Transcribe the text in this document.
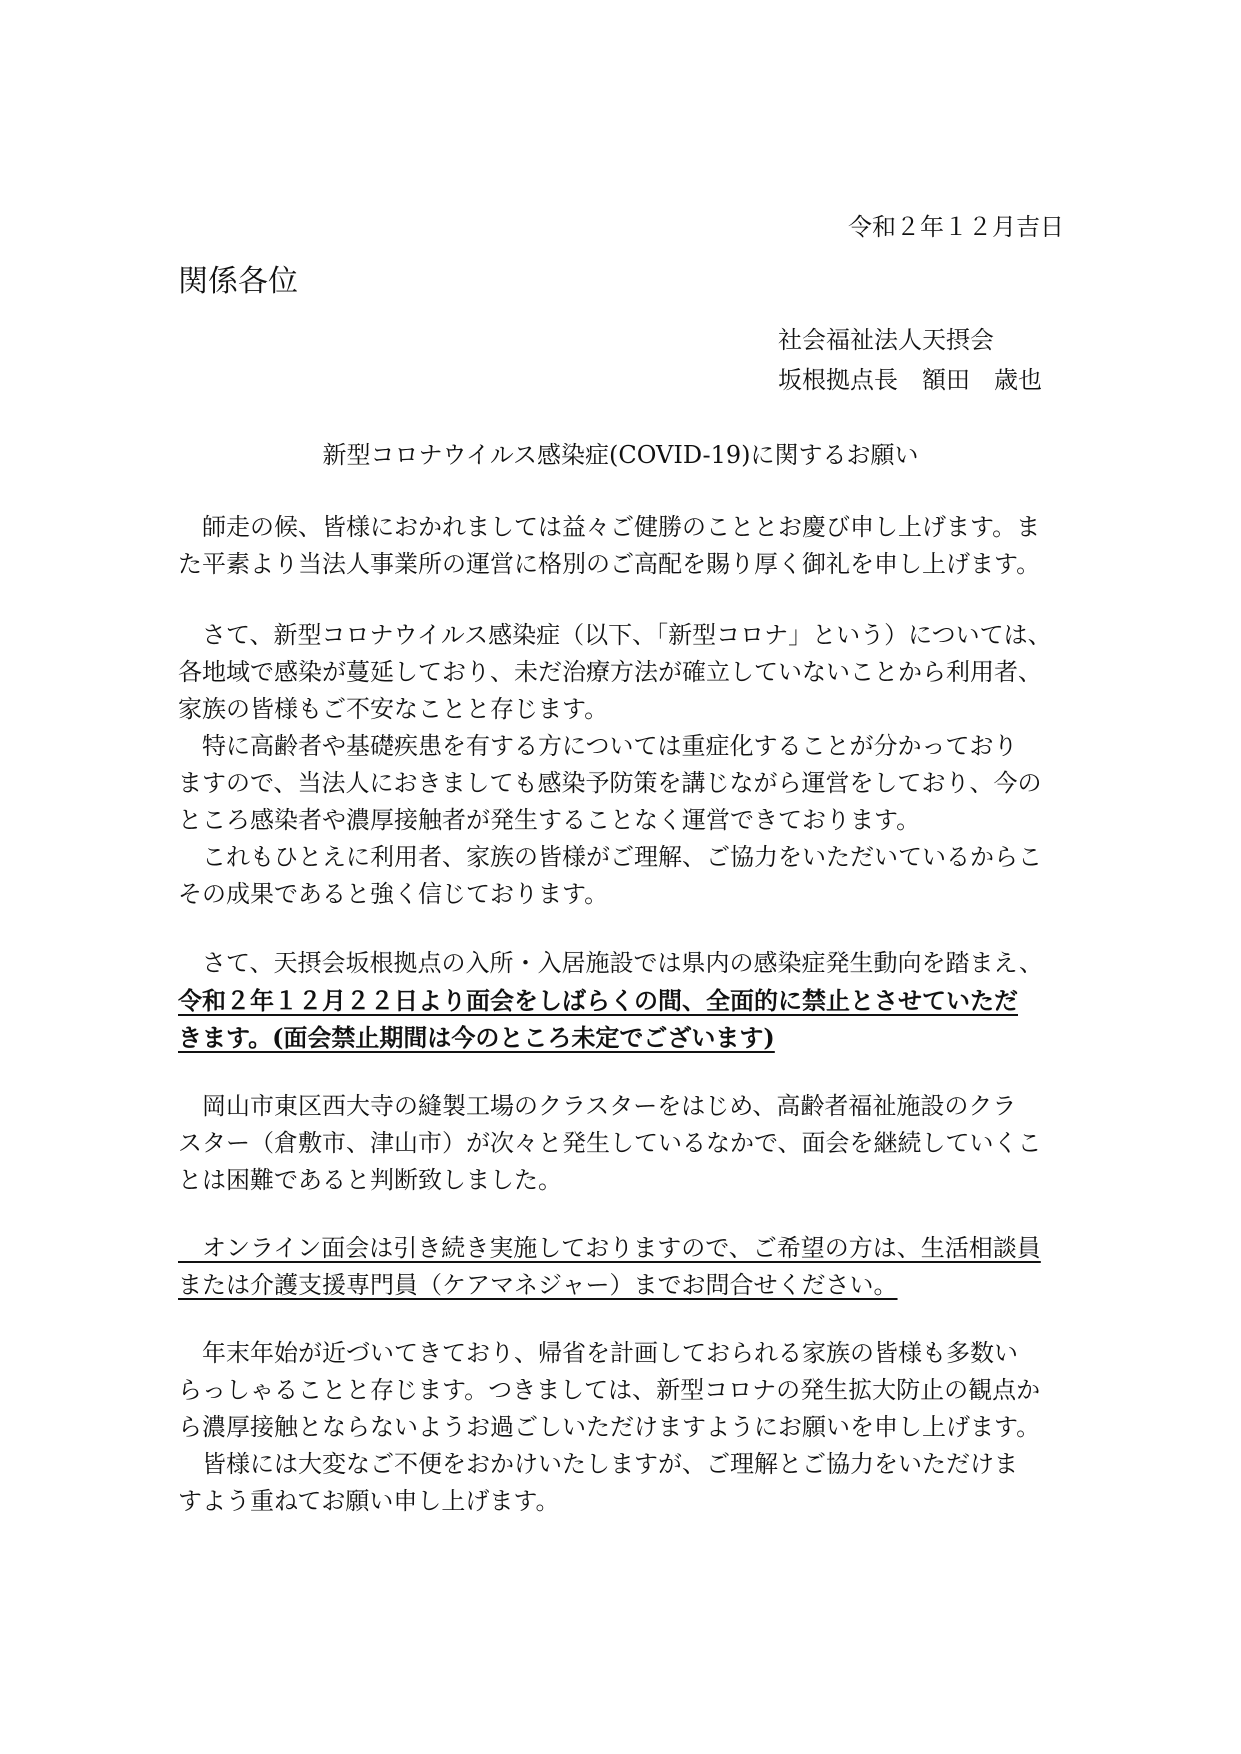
令和２年１２月吉日
関係各位
社会福祉法人天摂会
坂根拠点長　額田　歳也
新型コロナウイルス感染症(COVID-19)に関するお願い
　師走の候、皆様におかれましては益々ご健勝のこととお慶び申し上げます。ま
た平素より当法人事業所の運営に格別のご高配を賜り厚く御礼を申し上げます。
　さて、新型コロナウイルス感染症（以下、「新型コロナ」という）については、
各地域で感染が蔓延しており、未だ治療方法が確立していないことから利用者、
家族の皆様もご不安なことと存じます。
　特に高齢者や基礎疾患を有する方については重症化することが分かっており
ますので、当法人におきましても感染予防策を講じながら運営をしており、今の
ところ感染者や濃厚接触者が発生することなく運営できております。
　これもひとえに利用者、家族の皆様がご理解、ご協力をいただいているからこ
その成果であると強く信じております。
　さて、天摂会坂根拠点の入所・入居施設では県内の感染症発生動向を踏まえ、
令和２年１２月２２日より面会をしばらくの間、全面的に禁止とさせていただ
きます。(面会禁止期間は今のところ未定でございます)
　岡山市東区西大寺の縫製工場のクラスターをはじめ、高齢者福祉施設のクラ
スター（倉敷市、津山市）が次々と発生しているなかで、面会を継続していくこ
とは困難であると判断致しました。
　オンライン面会は引き続き実施しておりますので、ご希望の方は、生活相談員
または介護支援専門員（ケアマネジャー）までお問合せください。
　年末年始が近づいてきており、帰省を計画しておられる家族の皆様も多数い
らっしゃることと存じます。つきましては、新型コロナの発生拡大防止の観点か
ら濃厚接触とならないようお過ごしいただけますようにお願いを申し上げます。
　皆様には大変なご不便をおかけいたしますが、ご理解とご協力をいただけま
すよう重ねてお願い申し上げます。
